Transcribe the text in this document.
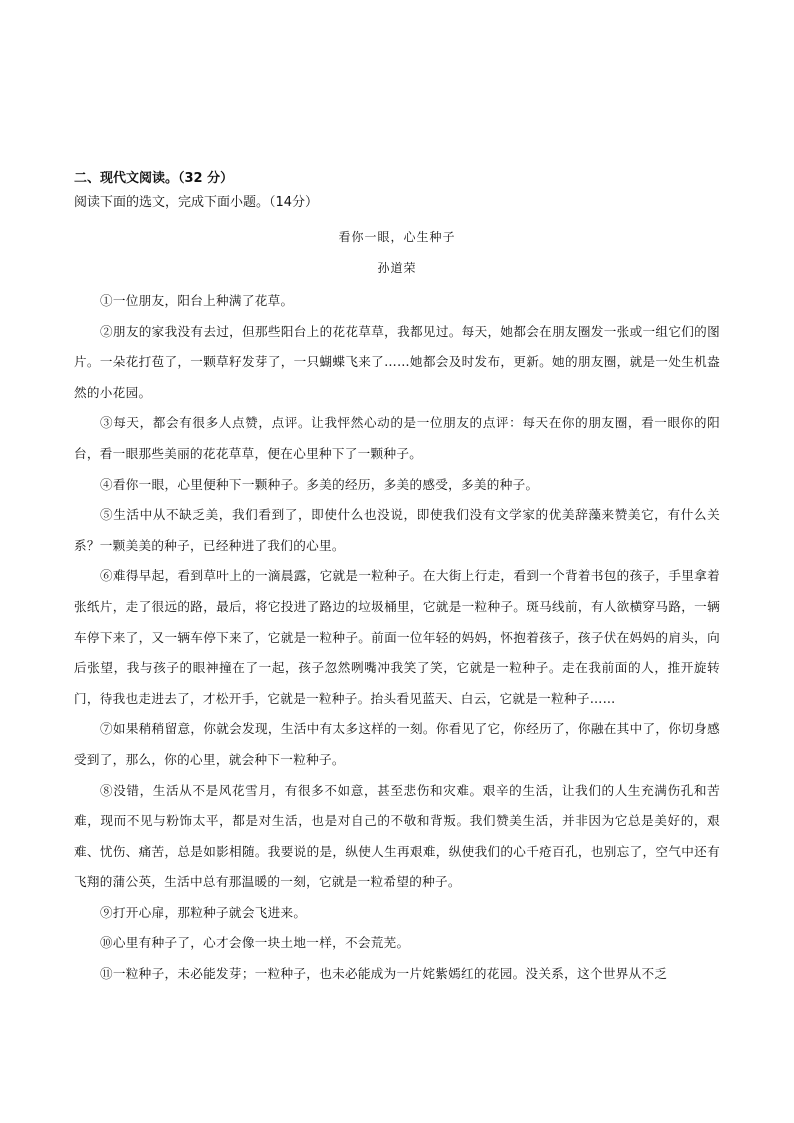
二、现代文阅读。（32 分）
阅读下面的选文，完成下面小题。（14分）
看你一眼，心生种子
孙道荣

①一位朋友，阳台上种满了花草。

②朋友的家我没有去过，但那些阳台上的花花草草，我都见过。每天，她都会在朋友圈发一张或一组它们的图片。一朵花打苞了，一颗草籽发芽了，一只蝴蝶飞来了……她都会及时发布，更新。她的朋友圈，就是一处生机盎然的小花园。

③每天，都会有很多人点赞，点评。让我怦然心动的是一位朋友的点评：每天在你的朋友圈，看一眼你的阳台，看一眼那些美丽的花花草草，便在心里种下了一颗种子。

④看你一眼，心里便种下一颗种子。多美的经历，多美的感受，多美的种子。

⑤生活中从不缺乏美，我们看到了，即使什么也没说，即使我们没有文学家的优美辞藻来赞美它，有什么关系？一颗美美的种子，已经种进了我们的心里。

⑥难得早起，看到草叶上的一滴晨露，它就是一粒种子。在大街上行走，看到一个背着书包的孩子，手里拿着张纸片，走了很远的路，最后，将它投进了路边的垃圾桶里，它就是一粒种子。斑马线前，有人欲横穿马路，一辆车停下来了，又一辆车停下来了，它就是一粒种子。前面一位年轻的妈妈，怀抱着孩子，孩子伏在妈妈的肩头，向后张望，我与孩子的眼神撞在了一起，孩子忽然咧嘴冲我笑了笑，它就是一粒种子。走在我前面的人，推开旋转门，待我也走进去了，才松开手，它就是一粒种子。抬头看见蓝天、白云，它就是一粒种子……

⑦如果稍稍留意，你就会发现，生活中有太多这样的一刻。你看见了它，你经历了，你融在其中了，你切身感受到了，那么，你的心里，就会种下一粒种子。

⑧没错，生活从不是风花雪月，有很多不如意，甚至悲伤和灾难。艰辛的生活，让我们的人生充满伤孔和苦难，现而不见与粉饰太平，都是对生活，也是对自己的不敬和背叛。我们赞美生活，并非因为它总是美好的，艰难、忧伤、痛苦，总是如影相随。我要说的是，纵使人生再艰难，纵使我们的心千疮百孔，也别忘了，空气中还有飞翔的蒲公英，生活中总有那温暖的一刻，它就是一粒希望的种子。

⑨打开心扉，那粒种子就会飞进来。

⑩心里有种子了，心才会像一块土地一样，不会荒芜。

⑪一粒种子，未必能发芽；一粒种子，也未必能成为一片姹紫嫣红的花园。没关系，这个世界从不乏
